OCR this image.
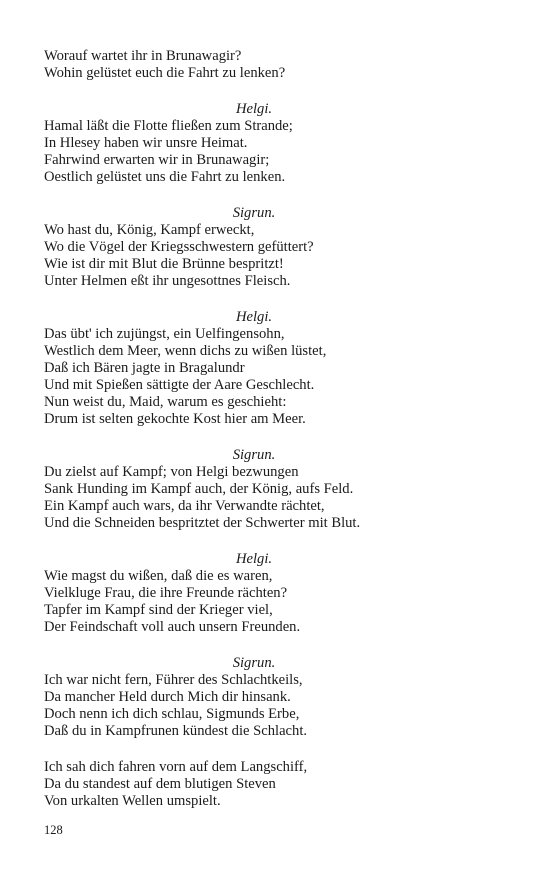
Worauf wartet ihr in Brunawagir?
Wohin gelüstet euch die Fahrt zu lenken?
Helgi.
Hamal läßt die Flotte fließen zum Strande;
In Hlesey haben wir unsre Heimat.
Fahrwind erwarten wir in Brunawagir;
Oestlich gelüstet uns die Fahrt zu lenken.
Sigrun.
Wo hast du, König, Kampf erweckt,
Wo die Vögel der Kriegsschwestern gefüttert?
Wie ist dir mit Blut die Brünne bespritzt!
Unter Helmen eßt ihr ungesottnes Fleisch.
Helgi.
Das übt' ich zujüngst, ein Uelfingensohn,
Westlich dem Meer, wenn dichs zu wißen lüstet,
Daß ich Bären jagte in Bragalundr
Und mit Spießen sättigte der Aare Geschlecht.
Nun weist du, Maid, warum es geschieht:
Drum ist selten gekochte Kost hier am Meer.
Sigrun.
Du zielst auf Kampf; von Helgi bezwungen
Sank Hunding im Kampf auch, der König, aufs Feld.
Ein Kampf auch wars, da ihr Verwandte rächtet,
Und die Schneiden bespritztet der Schwerter mit Blut.
Helgi.
Wie magst du wißen, daß die es waren,
Vielkluge Frau, die ihre Freunde rächten?
Tapfer im Kampf sind der Krieger viel,
Der Feindschaft voll auch unsern Freunden.
Sigrun.
Ich war nicht fern, Führer des Schlachtkeils,
Da mancher Held durch Mich dir hinsank.
Doch nenn ich dich schlau, Sigmunds Erbe,
Daß du in Kampfrunen kündest die Schlacht.
Ich sah dich fahren vorn auf dem Langschiff,
Da du standest auf dem blutigen Steven
Von urkalten Wellen umspielt.
128
